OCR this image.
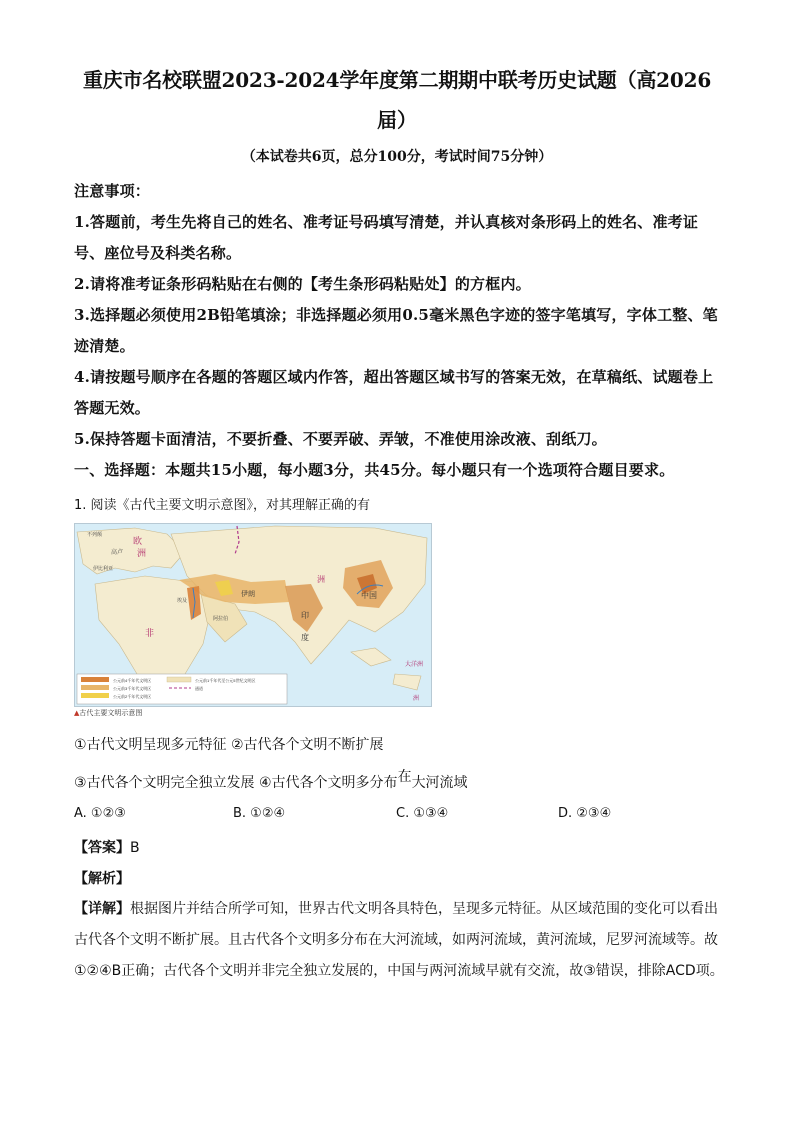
重庆市名校联盟2023-2024学年度第二期期中联考历史试题（高2026
届）
（本试卷共6页，总分100分，考试时间75分钟）
注意事项：
1.答题前，考生先将自己的姓名、准考证号码填写清楚，并认真核对条形码上的姓名、准考证号、座位号及科类名称。
2.请将准考证条形码粘贴在右侧的【考生条形码粘贴处】的方框内。
3.选择题必须使用2B铅笔填涂；非选择题必须用0.5毫米黑色字迹的签字笔填写，字体工整、笔迹清楚。
4.请按题号顺序在各题的答题区域内作答，超出答题区域书写的答案无效，在草稿纸、试题卷上答题无效。
5.保持答题卡面清洁，不要折叠、不要弄破、弄皱，不准使用涂改液、刮纸刀。
一、选择题：本题共15小题，每小题3分，共45分。每小题只有一个选项符合题目要求。
1. 阅读《古代主要文明示意图》，对其理解正确的有
欧
洲
不列颠
高卢
伊比利亚
非
埃及
阿拉伯
伊朗
印
度
中国
洲
大洋洲
洲
公元前4千年代文明区
公元前3千年代文明区
公元前2千年代文明区
公元前1千年代至公元5世纪文明区
通道
▲古代主要文明示意图
①古代文明呈现多元特征 ②古代各个文明不断扩展
③古代各个文明完全独立发展 ④古代各个文明多分布在大河流域
A. ①②③	B. ①②④	C. ①③④	D. ②③④
【答案】B
【解析】
【详解】根据图片并结合所学可知，世界古代文明各具特色，呈现多元特征。从区域范围的变化可以看出古代各个文明不断扩展。且古代各个文明多分布在大河流域，如两河流域，黄河流域，尼罗河流域等。故①②④B正确；古代各个文明并非完全独立发展的，中国与两河流域早就有交流，故③错误，排除ACD项。
